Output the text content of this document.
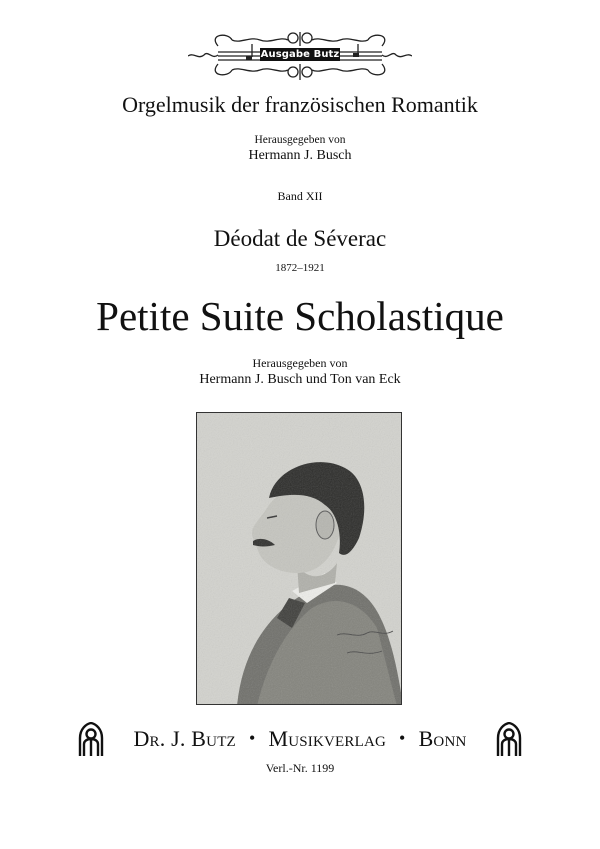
Ausgabe Butz
Orgelmusik der französischen Romantik
Herausgegeben von
Hermann J. Busch
Band XII
Déodat de Séverac
1872–1921
Petite Suite Scholastique
Herausgegeben von
Hermann J. Busch und Ton van Eck
Dr. J. Butz • Musikverlag • Bonn
Verl.-Nr. 1199
